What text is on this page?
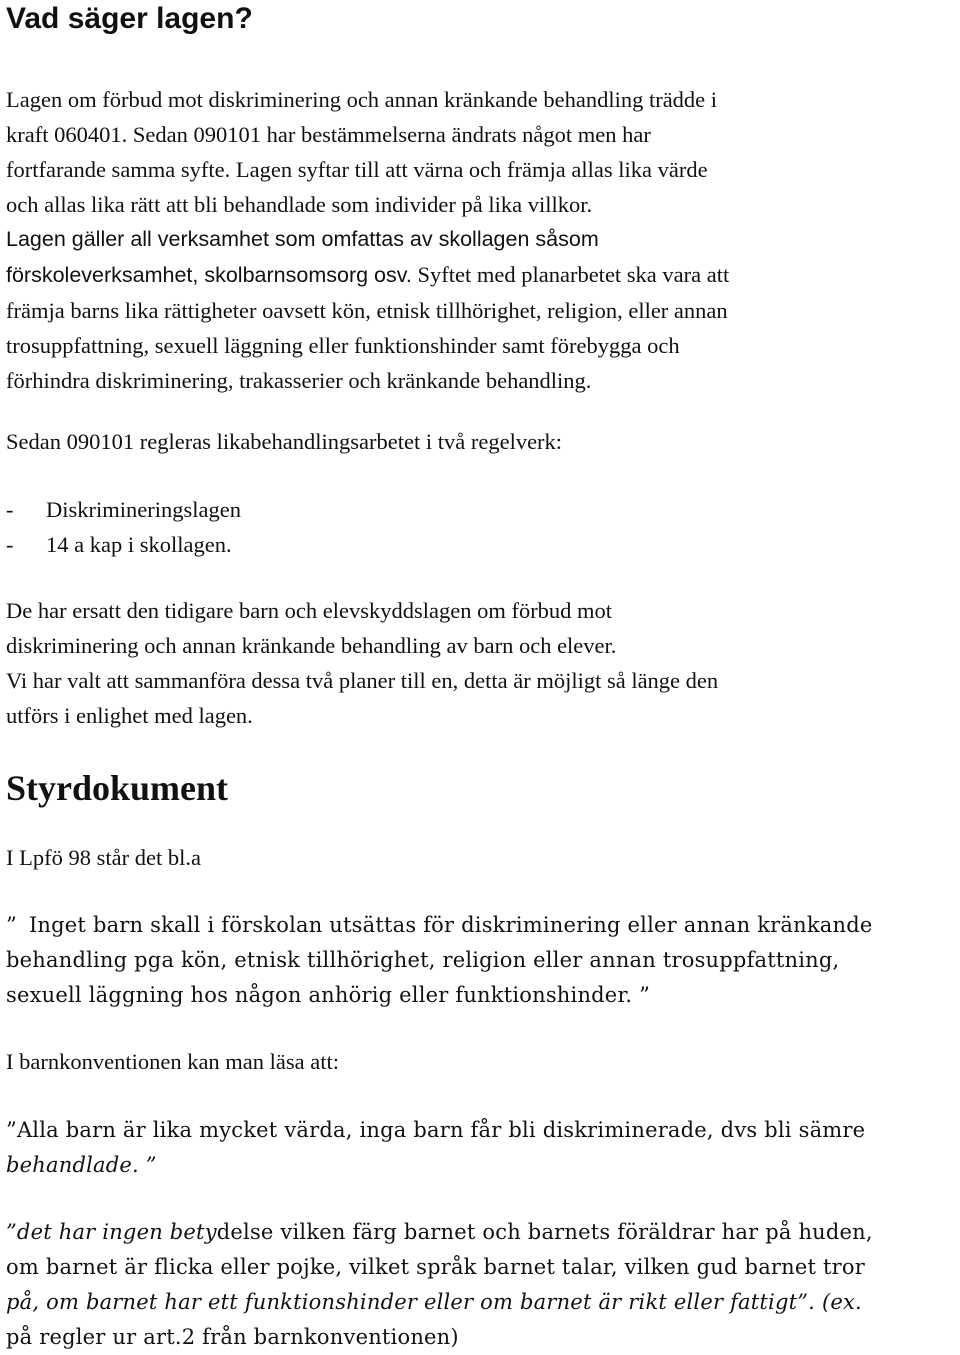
Vad säger lagen?
Lagen om förbud mot diskriminering och annan kränkande behandling trädde i
kraft 060401. Sedan 090101 har bestämmelserna ändrats något men har
fortfarande samma syfte. Lagen syftar till att värna och främja allas lika värde
och allas lika rätt att bli behandlade som individer på lika villkor.
Lagen gäller all verksamhet som omfattas av skollagen såsom
förskoleverksamhet, skolbarnsomsorg osv. Syftet med planarbetet ska vara att
främja barns lika rättigheter oavsett kön, etnisk tillhörighet, religion, eller annan
trosuppfattning, sexuell läggning eller funktionshinder samt förebygga och
förhindra diskriminering, trakasserier och kränkande behandling.
Sedan 090101 regleras likabehandlingsarbetet i två regelverk:
-	Diskrimineringslagen
-	14 a kap i skollagen.
De har ersatt den tidigare barn och elevskyddslagen om förbud mot
diskriminering och annan kränkande behandling av barn och elever.
Vi har valt att sammanföra dessa två planer till en, detta är möjligt så länge den
utförs i enlighet med lagen.
Styrdokument
I Lpfö 98 står det bl.a
” Inget barn skall i förskolan utsättas för diskriminering eller annan kränkande
behandling pga kön, etnisk tillhörighet, religion eller annan trosuppfattning,
sexuell läggning hos någon anhörig eller funktionshinder. ”
I barnkonventionen kan man läsa att:
”Alla barn är lika mycket värda, inga barn får bli diskriminerade, dvs bli sämre
behandlade. ”
”det har ingen betydelse vilken färg barnet och barnets föräldrar har på huden,
om barnet är flicka eller pojke, vilket språk barnet talar, vilken gud barnet tror
på, om barnet har ett funktionshinder eller om barnet är rikt eller fattigt”. (ex.
på regler ur art.2 från barnkonventionen)
